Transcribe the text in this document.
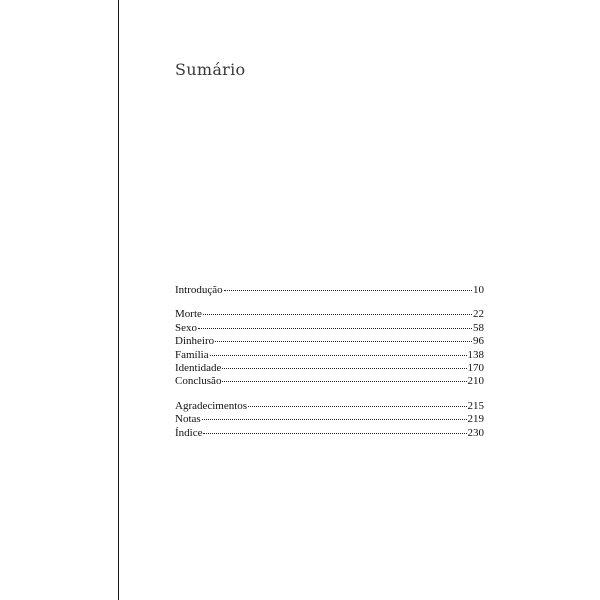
Sumário
Introdução	10
Morte	22
Sexo	58
Dinheiro	96
Família	138
Identidade	170
Conclusão	210
Agradecimentos	215
Notas	219
Índice	230
